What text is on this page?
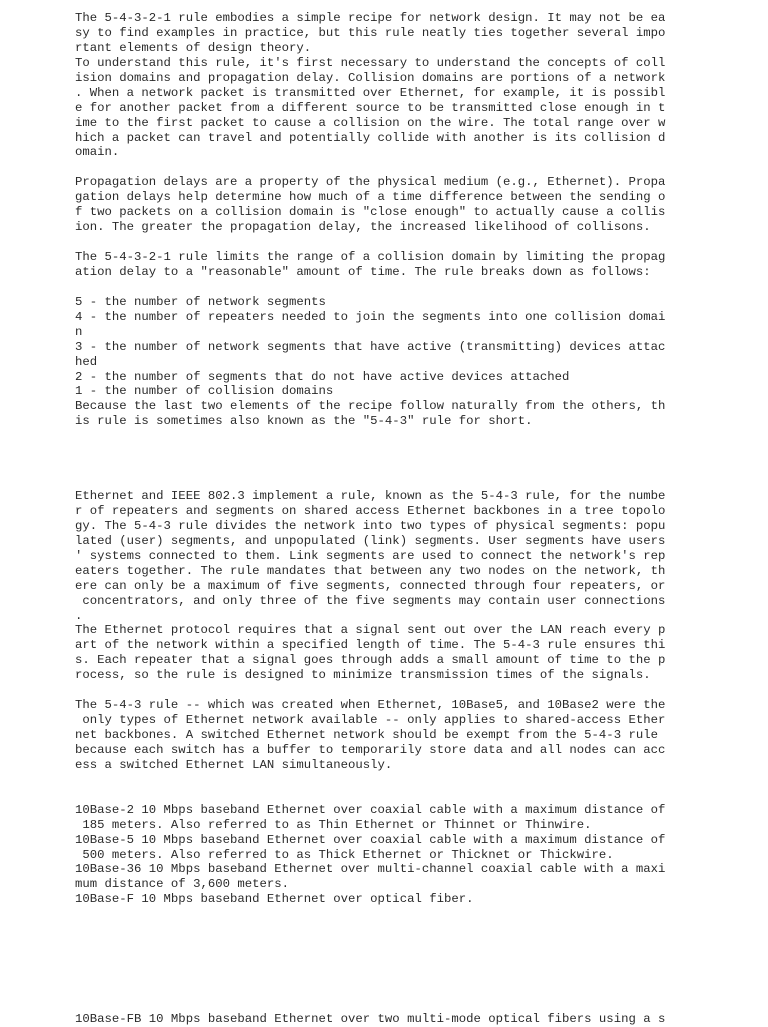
The 5-4-3-2-1 rule embodies a simple recipe for network design. It may not be ea
sy to find examples in practice, but this rule neatly ties together several impo
rtant elements of design theory.
To understand this rule, it's first necessary to understand the concepts of coll
ision domains and propagation delay. Collision domains are portions of a network
. When a network packet is transmitted over Ethernet, for example, it is possibl
e for another packet from a different source to be transmitted close enough in t
ime to the first packet to cause a collision on the wire. The total range over w
hich a packet can travel and potentially collide with another is its collision d
omain.
Propagation delays are a property of the physical medium (e.g., Ethernet). Propa
gation delays help determine how much of a time difference between the sending o
f two packets on a collision domain is "close enough" to actually cause a collis
ion. The greater the propagation delay, the increased likelihood of collisons.
The 5-4-3-2-1 rule limits the range of a collision domain by limiting the propag
ation delay to a "reasonable" amount of time. The rule breaks down as follows:
5 - the number of network segments
4 - the number of repeaters needed to join the segments into one collision domai
n
3 - the number of network segments that have active (transmitting) devices attac
hed
2 - the number of segments that do not have active devices attached
1 - the number of collision domains
Because the last two elements of the recipe follow naturally from the others, th
is rule is sometimes also known as the "5-4-3" rule for short.
Ethernet and IEEE 802.3 implement a rule, known as the 5-4-3 rule, for the numbe
r of repeaters and segments on shared access Ethernet backbones in a tree topolo
gy. The 5-4-3 rule divides the network into two types of physical segments: popu
lated (user) segments, and unpopulated (link) segments. User segments have users
' systems connected to them. Link segments are used to connect the network's rep
eaters together. The rule mandates that between any two nodes on the network, th
ere can only be a maximum of five segments, connected through four repeaters, or
concentrators, and only three of the five segments may contain user connections
.
The Ethernet protocol requires that a signal sent out over the LAN reach every p
art of the network within a specified length of time. The 5-4-3 rule ensures thi
s. Each repeater that a signal goes through adds a small amount of time to the p
rocess, so the rule is designed to minimize transmission times of the signals.
The 5-4-3 rule -- which was created when Ethernet, 10Base5, and 10Base2 were the
only types of Ethernet network available -- only applies to shared-access Ether
net backbones. A switched Ethernet network should be exempt from the 5-4-3 rule
because each switch has a buffer to temporarily store data and all nodes can acc
ess a switched Ethernet LAN simultaneously.
10Base-2 10 Mbps baseband Ethernet over coaxial cable with a maximum distance of
185 meters. Also referred to as Thin Ethernet or Thinnet or Thinwire.
10Base-5 10 Mbps baseband Ethernet over coaxial cable with a maximum distance of
500 meters. Also referred to as Thick Ethernet or Thicknet or Thickwire.
10Base-36 10 Mbps baseband Ethernet over multi-channel coaxial cable with a maxi
mum distance of 3,600 meters.
10Base-F 10 Mbps baseband Ethernet over optical fiber.
10Base-FB 10 Mbps baseband Ethernet over two multi-mode optical fibers using a s
